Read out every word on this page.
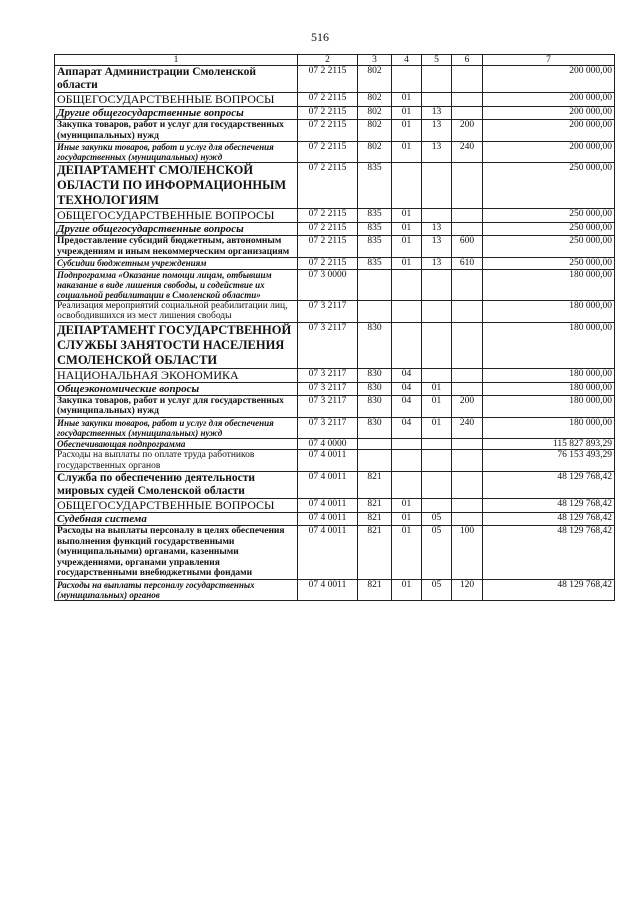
516
1	2	3	4	5	6	7
Аппарат Администрации Смоленской области	07 2 2115	802				200 000,00
ОБЩЕГОСУДАРСТВЕННЫЕ ВОПРОСЫ	07 2 2115	802	01			200 000,00
Другие общегосударственные вопросы	07 2 2115	802	01	13		200 000,00
Закупка товаров, работ и услуг для государственных (муниципальных) нужд	07 2 2115	802	01	13	200	200 000,00
Иные закупки товаров, работ и услуг для обеспечения государственных (муниципальных) нужд	07 2 2115	802	01	13	240	200 000,00
ДЕПАРТАМЕНТ СМОЛЕНСКОЙ ОБЛАСТИ ПО ИНФОРМАЦИОННЫМ ТЕХНОЛОГИЯМ	07 2 2115	835				250 000,00
ОБЩЕГОСУДАРСТВЕННЫЕ ВОПРОСЫ	07 2 2115	835	01			250 000,00
Другие общегосударственные вопросы	07 2 2115	835	01	13		250 000,00
Предоставление субсидий бюджетным, автономным учреждениям и иным некоммерческим организациям	07 2 2115	835	01	13	600	250 000,00
Субсидии бюджетным учреждениям	07 2 2115	835	01	13	610	250 000,00
Подпрограмма «Оказание помощи лицам, отбывшим наказание в виде лишения свободы, и содействие их социальной реабилитации в Смоленской области»	07 3 0000					180 000,00
Реализация мероприятий социальной реабилитации лиц, освободившихся из мест лишения свободы	07 3 2117					180 000,00
ДЕПАРТАМЕНТ ГОСУДАРСТВЕННОЙ СЛУЖБЫ ЗАНЯТОСТИ НАСЕЛЕНИЯ СМОЛЕНСКОЙ ОБЛАСТИ	07 3 2117	830				180 000,00
НАЦИОНАЛЬНАЯ ЭКОНОМИКА	07 3 2117	830	04			180 000,00
Общеэкономические вопросы	07 3 2117	830	04	01		180 000,00
Закупка товаров, работ и услуг для государственных (муниципальных) нужд	07 3 2117	830	04	01	200	180 000,00
Иные закупки товаров, работ и услуг для обеспечения государственных (муниципальных) нужд	07 3 2117	830	04	01	240	180 000,00
Обеспечивающая подпрограмма	07 4 0000					115 827 893,29
Расходы на выплаты по оплате труда работников государственных органов	07 4 0011					76 153 493,29
Служба по обеспечению деятельности мировых судей Смоленской области	07 4 0011	821				48 129 768,42
ОБЩЕГОСУДАРСТВЕННЫЕ ВОПРОСЫ	07 4 0011	821	01			48 129 768,42
Судебная система	07 4 0011	821	01	05		48 129 768,42
Расходы на выплаты персоналу в целях обеспечения выполнения функций государственными (муниципальными) органами, казенными учреждениями, органами управления государственными внебюджетными фондами	07 4 0011	821	01	05	100	48 129 768,42
Расходы на выплаты персоналу государственных (муниципальных) органов	07 4 0011	821	01	05	120	48 129 768,42
